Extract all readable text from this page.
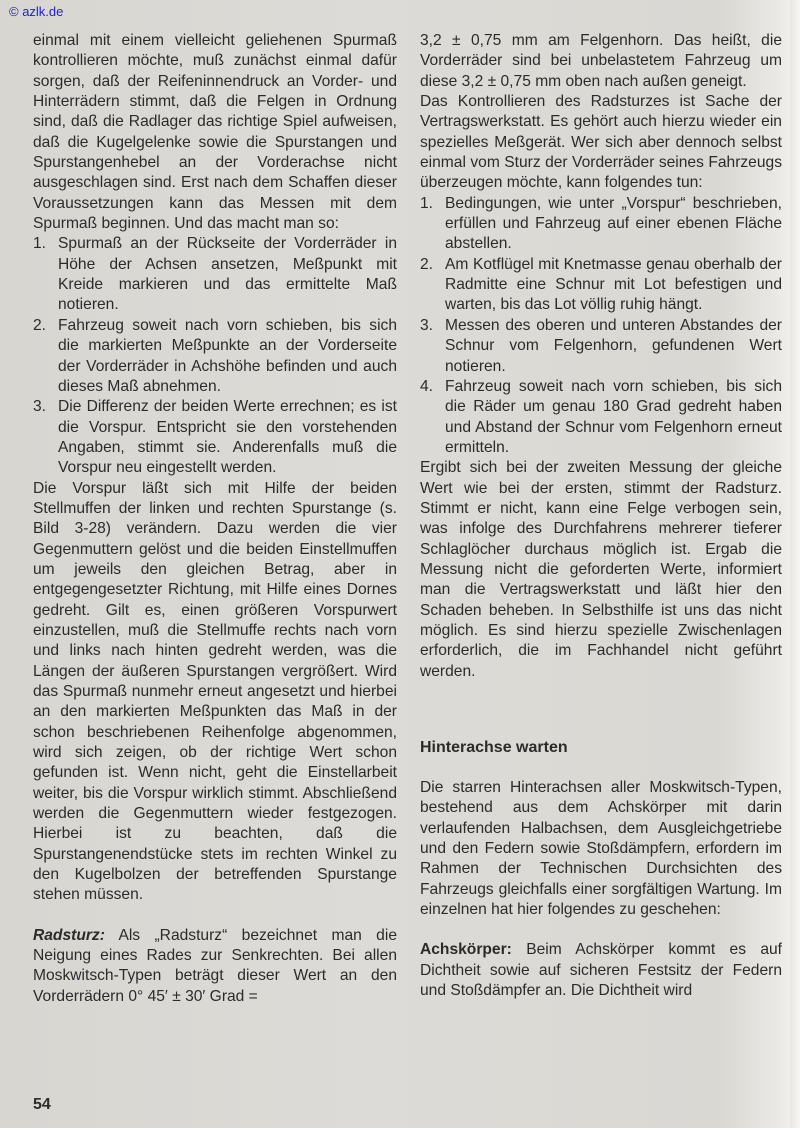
© azlk.de

einmal mit einem vielleicht geliehenen Spurmaß kontrollieren möchte, muß zunächst einmal dafür sorgen, daß der Reifeninnendruck an Vorder- und Hinterrädern stimmt, daß die Felgen in Ordnung sind, daß die Radlager das richtige Spiel aufweisen, daß die Kugelgelenke sowie die Spurstangen und Spurstangenhebel an der Vorderachse nicht ausgeschlagen sind. Erst nach dem Schaffen dieser Voraussetzungen kann das Messen mit dem Spurmaß beginnen. Und das macht man so:

1. Spurmaß an der Rückseite der Vorderräder in Höhe der Achsen ansetzen, Meßpunkt mit Kreide markieren und das ermittelte Maß notieren.
2. Fahrzeug soweit nach vorn schieben, bis sich die markierten Meßpunkte an der Vorderseite der Vorderräder in Achshöhe befinden und auch dieses Maß abnehmen.
3. Die Differenz der beiden Werte errechnen; es ist die Vorspur. Entspricht sie den vorstehenden Angaben, stimmt sie. Anderenfalls muß die Vorspur neu eingestellt werden.

Die Vorspur läßt sich mit Hilfe der beiden Stellmuffen der linken und rechten Spurstange (s. Bild 3-28) verändern. Dazu werden die vier Gegenmuttern gelöst und die beiden Einstellmuffen um jeweils den gleichen Betrag, aber in entgegengesetzter Richtung, mit Hilfe eines Dornes gedreht. Gilt es, einen größeren Vorspurwert einzustellen, muß die Stellmuffe rechts nach vorn und links nach hinten gedreht werden, was die Längen der äußeren Spurstangen vergrößert. Wird das Spurmaß nunmehr erneut angesetzt und hierbei an den markierten Meßpunkten das Maß in der schon beschriebenen Reihenfolge abgenommen, wird sich zeigen, ob der richtige Wert schon gefunden ist. Wenn nicht, geht die Einstellarbeit weiter, bis die Vorspur wirklich stimmt. Abschließend werden die Gegenmuttern wieder festgezogen. Hierbei ist zu beachten, daß die Spurstangenendstücke stets im rechten Winkel zu den Kugelbolzen der betreffenden Spurstange stehen müssen.

Radsturz: Als „Radsturz“ bezeichnet man die Neigung eines Rades zur Senkrechten. Bei allen Moskwitsch-Typen beträgt dieser Wert an den Vorderrädern 0° 45′ ± 30′ Grad =

3,2 ± 0,75 mm am Felgenhorn. Das heißt, die Vorderräder sind bei unbelastetem Fahrzeug um diese 3,2 ± 0,75 mm oben nach außen geneigt.

Das Kontrollieren des Radsturzes ist Sache der Vertragswerkstatt. Es gehört auch hierzu wieder ein spezielles Meßgerät. Wer sich aber dennoch selbst einmal vom Sturz der Vorderräder seines Fahrzeugs überzeugen möchte, kann folgendes tun:

1. Bedingungen, wie unter „Vorspur“ beschrieben, erfüllen und Fahrzeug auf einer ebenen Fläche abstellen.
2. Am Kotflügel mit Knetmasse genau oberhalb der Radmitte eine Schnur mit Lot befestigen und warten, bis das Lot völlig ruhig hängt.
3. Messen des oberen und unteren Abstandes der Schnur vom Felgenhorn, gefundenen Wert notieren.
4. Fahrzeug soweit nach vorn schieben, bis sich die Räder um genau 180 Grad gedreht haben und Abstand der Schnur vom Felgenhorn erneut ermitteln.

Ergibt sich bei der zweiten Messung der gleiche Wert wie bei der ersten, stimmt der Radsturz. Stimmt er nicht, kann eine Felge verbogen sein, was infolge des Durchfahrens mehrerer tieferer Schlaglöcher durchaus möglich ist. Ergab die Messung nicht die geforderten Werte, informiert man die Vertragswerkstatt und läßt hier den Schaden beheben. In Selbsthilfe ist uns das nicht möglich. Es sind hierzu spezielle Zwischenlagen erforderlich, die im Fachhandel nicht geführt werden.

Hinterachse warten

Die starren Hinterachsen aller Moskwitsch-Typen, bestehend aus dem Achskörper mit darin verlaufenden Halbachsen, dem Ausgleichgetriebe und den Federn sowie Stoßdämpfern, erfordern im Rahmen der Technischen Durchsichten des Fahrzeugs gleichfalls einer sorgfältigen Wartung. Im einzelnen hat hier folgendes zu geschehen:

Achskörper: Beim Achskörper kommt es auf Dichtheit sowie auf sicheren Festsitz der Federn und Stoßdämpfer an. Die Dichtheit wird

54
